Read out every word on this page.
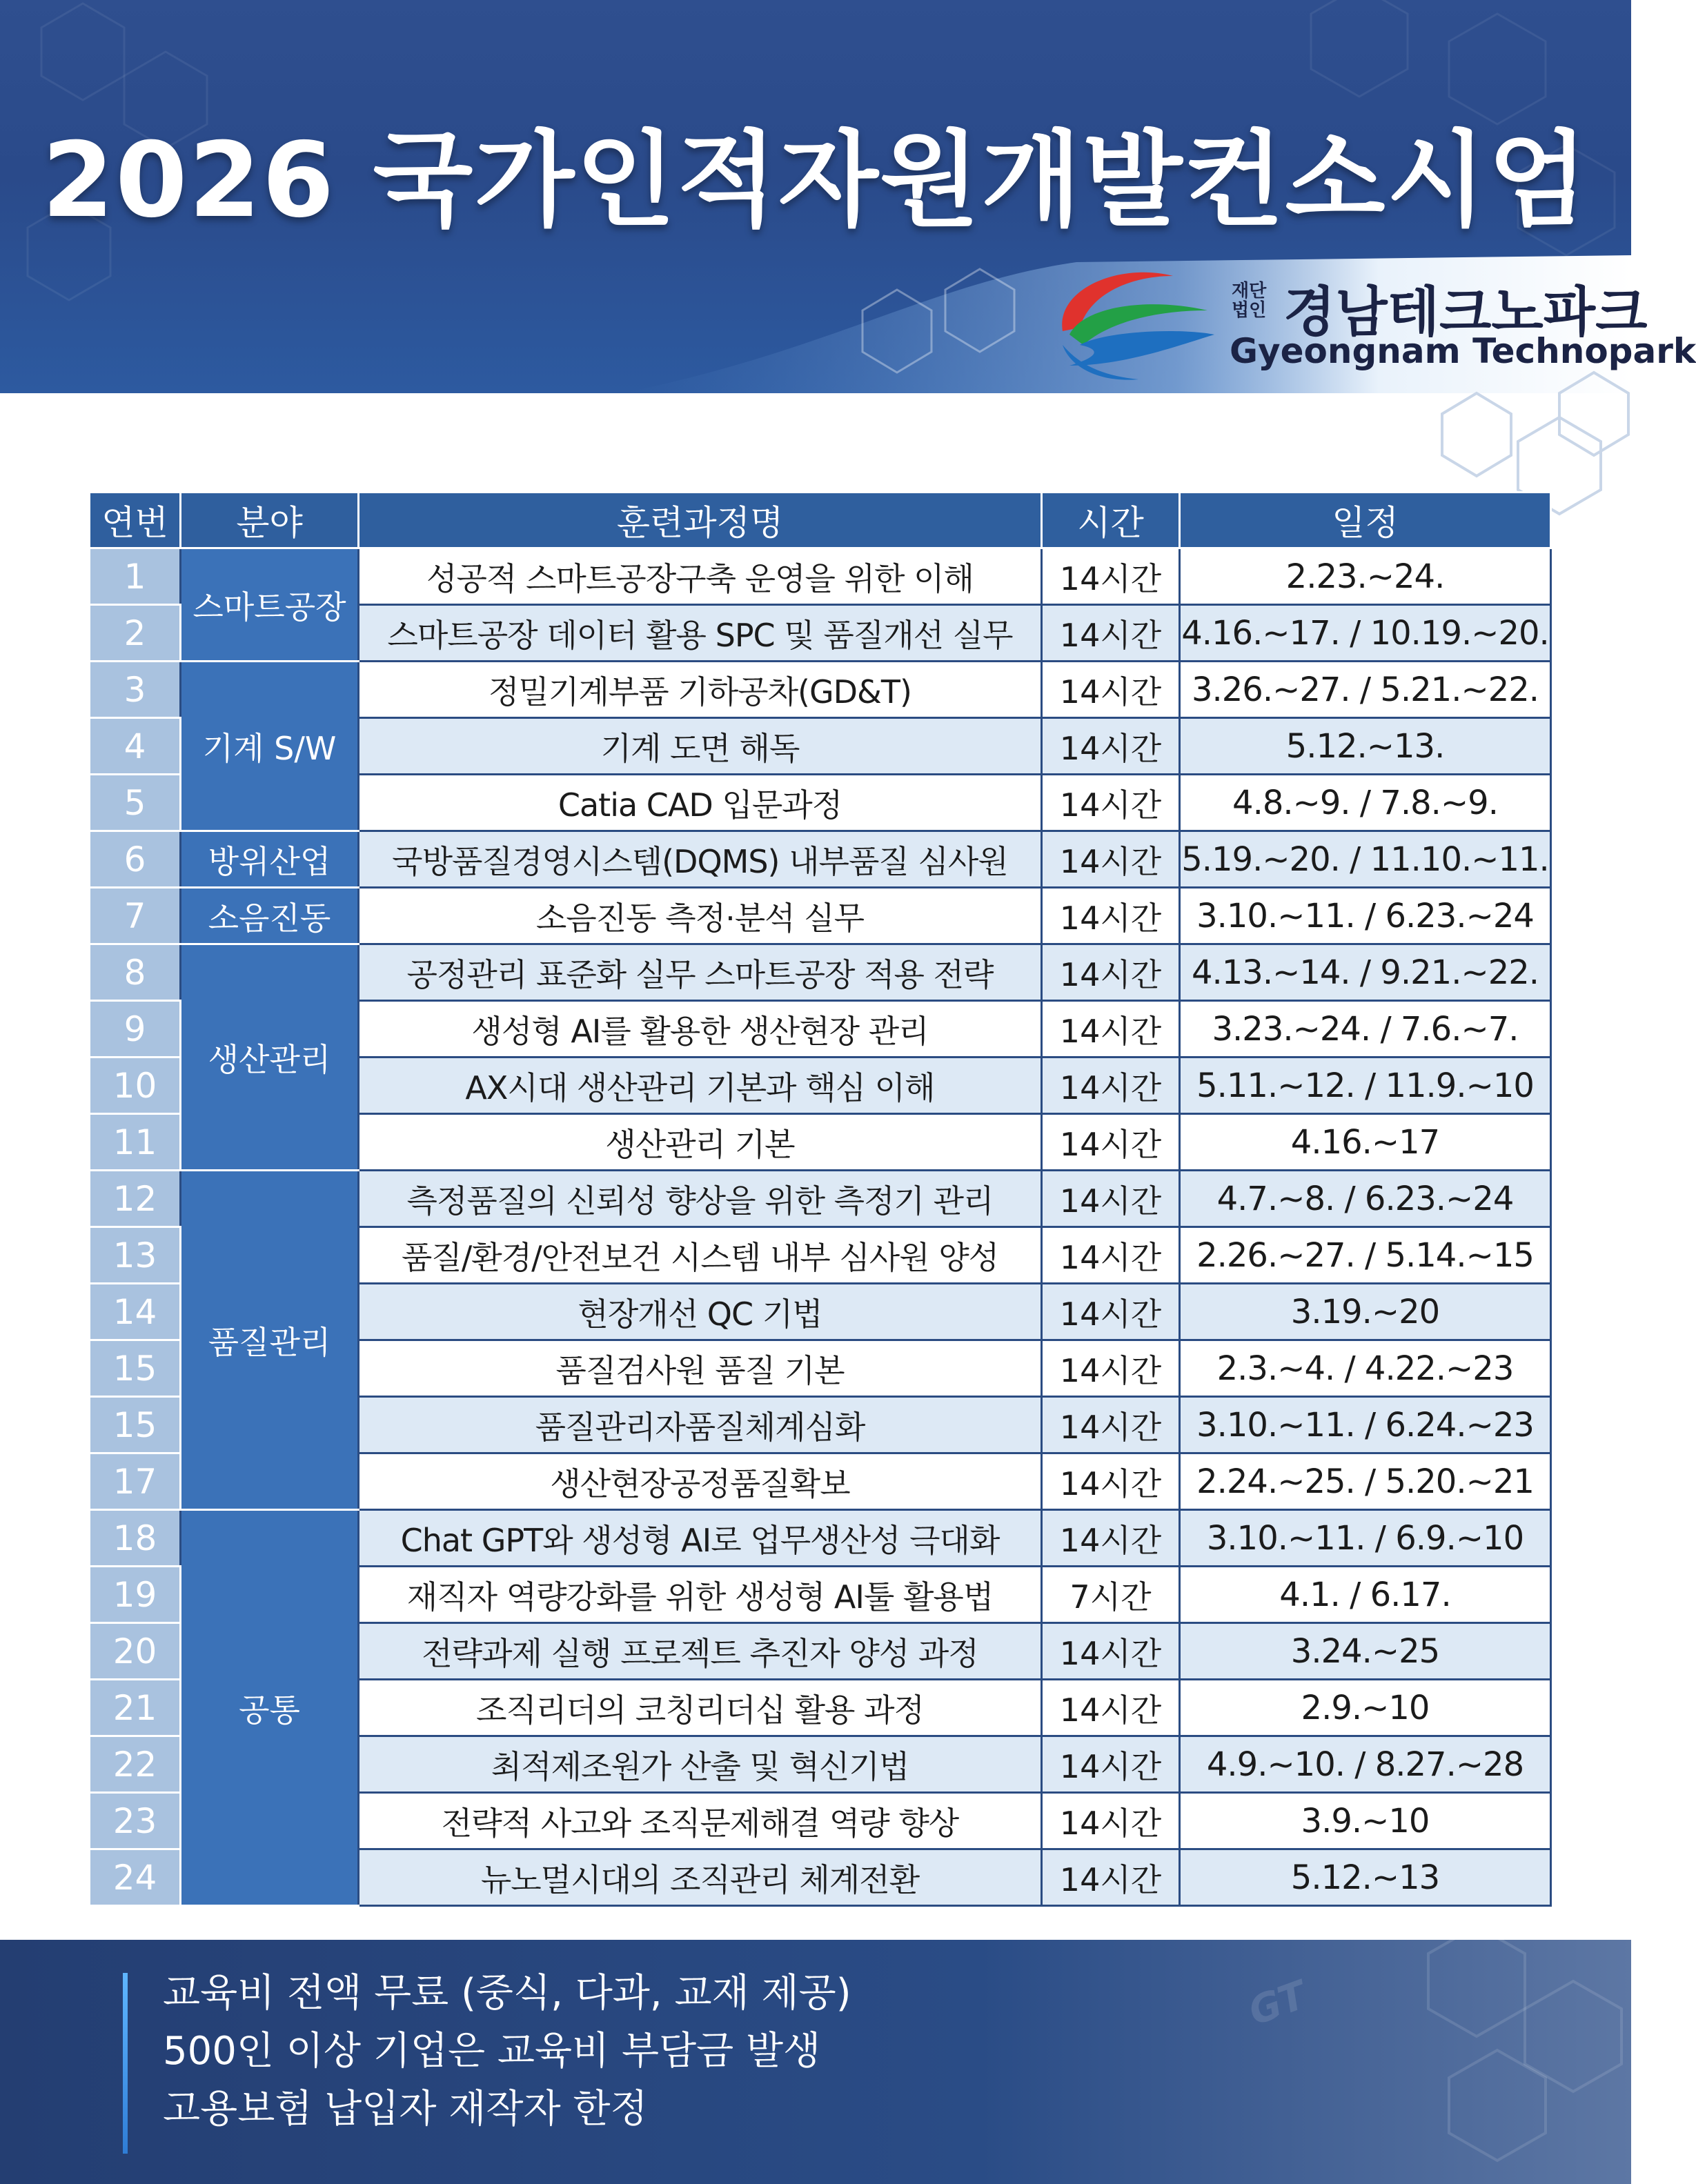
2026 국가인적자원개발컨소시엄
재단
법인 경남테크노파크
Gyeongnam Technopark
연번	분야	훈련과정명	시간	일정
1	스마트공장	성공적 스마트공장구축 운영을 위한 이해	14시간	2.23.~24.
2		스마트공장 데이터 활용 SPC 및 품질개선 실무	14시간	4.16.~17. / 10.19.~20.
3	기계 S/W	정밀기계부품 기하공차(GD&T)	14시간	3.26.~27. / 5.21.~22.
4		기계 도면 해독	14시간	5.12.~13.
5		Catia CAD 입문과정	14시간	4.8.~9. / 7.8.~9.
6	방위산업	국방품질경영시스템(DQMS) 내부품질 심사원	14시간	5.19.~20. / 11.10.~11.
7	소음진동	소음진동 측정·분석 실무	14시간	3.10.~11. / 6.23.~24
8	생산관리	공정관리 표준화 실무 스마트공장 적용 전략	14시간	4.13.~14. / 9.21.~22.
9		생성형 AI를 활용한 생산현장 관리	14시간	3.23.~24. / 7.6.~7.
10		AX시대 생산관리 기본과 핵심 이해	14시간	5.11.~12. / 11.9.~10
11		생산관리 기본	14시간	4.16.~17
12	품질관리	측정품질의 신뢰성 향상을 위한 측정기 관리	14시간	4.7.~8. / 6.23.~24
13		품질/환경/안전보건 시스템 내부 심사원 양성	14시간	2.26.~27. / 5.14.~15
14		현장개선 QC 기법	14시간	3.19.~20
15		품질검사원 품질 기본	14시간	2.3.~4. / 4.22.~23
15		품질관리자품질체계심화	14시간	3.10.~11. / 6.24.~23
17		생산현장공정품질확보	14시간	2.24.~25. / 5.20.~21
18	공통	Chat GPT와 생성형 AI로 업무생산성 극대화	14시간	3.10.~11. / 6.9.~10
19		재직자 역량강화를 위한 생성형 AI툴 활용법	7시간	4.1. / 6.17.
20		전략과제 실행 프로젝트 추진자 양성 과정	14시간	3.24.~25
21		조직리더의 코칭리더십 활용 과정	14시간	2.9.~10
22		최적제조원가 산출 및 혁신기법	14시간	4.9.~10. / 8.27.~28
23		전략적 사고와 조직문제해결 역량 향상	14시간	3.9.~10
24		뉴노멀시대의 조직관리 체계전환	14시간	5.12.~13
GT
교육비 전액 무료 (중식, 다과, 교재 제공)
500인 이상 기업은 교육비 부담금 발생
고용보험 납입자 재작자 한정
